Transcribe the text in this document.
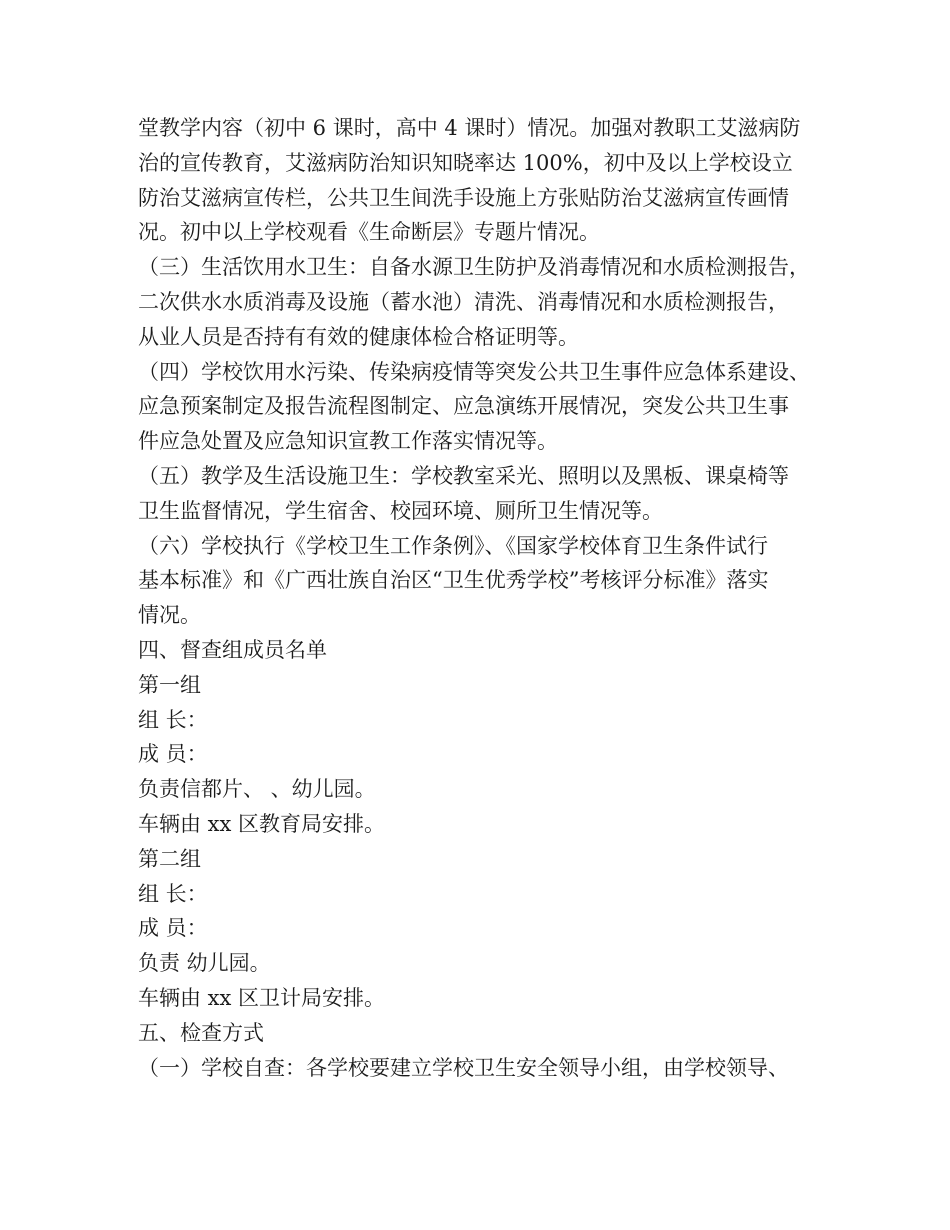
堂教学内容（初中 6 课时，高中 4 课时）情况。加强对教职工艾滋病防
治的宣传教育，艾滋病防治知识知晓率达 100%，初中及以上学校设立
防治艾滋病宣传栏，公共卫生间洗手设施上方张贴防治艾滋病宣传画情
况。初中以上学校观看《生命断层》专题片情况。
（三）生活饮用水卫生：自备水源卫生防护及消毒情况和水质检测报告，
二次供水水质消毒及设施（蓄水池）清洗、消毒情况和水质检测报告，
从业人员是否持有有效的健康体检合格证明等。
（四）学校饮用水污染、传染病疫情等突发公共卫生事件应急体系建设、
应急预案制定及报告流程图制定、应急演练开展情况，突发公共卫生事
件应急处置及应急知识宣教工作落实情况等。
（五）教学及生活设施卫生：学校教室采光、照明以及黑板、课桌椅等
卫生监督情况，学生宿舍、校园环境、厕所卫生情况等。
（六）学校执行《学校卫生工作条例》、《国家学校体育卫生条件试行
基本标准》和《广西壮族自治区“卫生优秀学校”考核评分标准》落实
情况。
四、督查组成员名单
第一组
组 长：
成 员：
负责信都片、 、幼儿园。
车辆由 xx 区教育局安排。
第二组
组 长：
成 员：
负责 幼儿园。
车辆由 xx 区卫计局安排。
五、检查方式
（一）学校自查：各学校要建立学校卫生安全领导小组，由学校领导、
